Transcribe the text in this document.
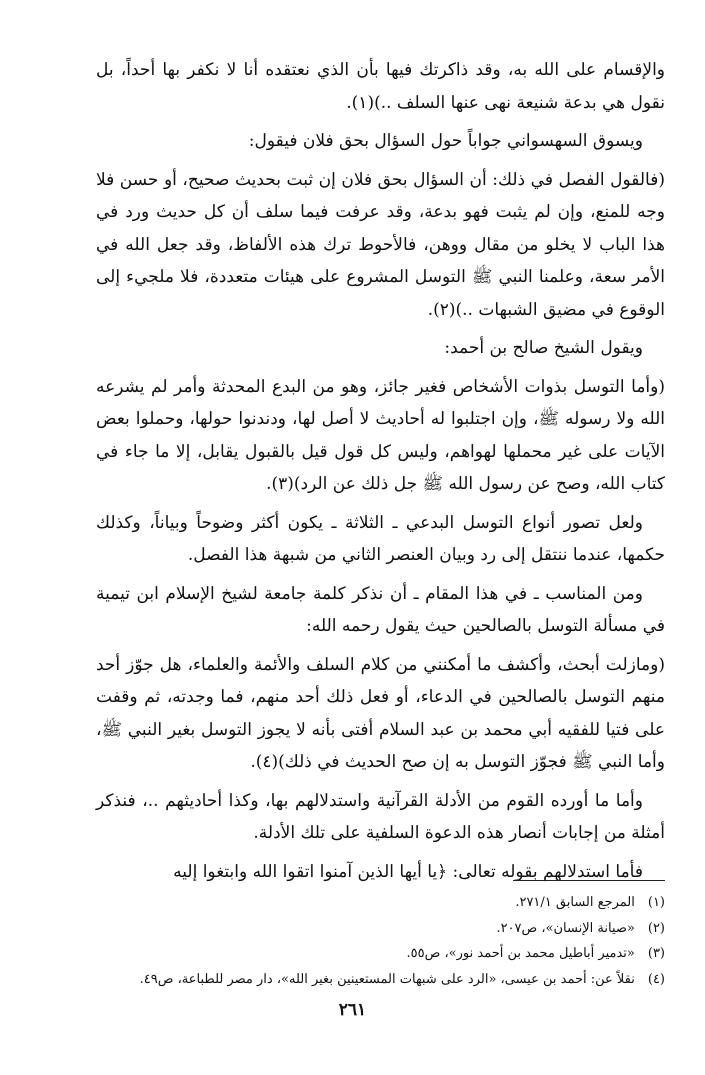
والإقسام على الله به، وقد ذاكرتك فيها بأن الذي نعتقده أنا لا نكفر بها أحداً، بل نقول هي بدعة شنيعة نهى عنها السلف ..)(١).

ويسوق السهسواني جواباً حول السؤال بحق فلان فيقول:

(فالقول الفصل في ذلك: أن السؤال بحق فلان إن ثبت بحديث صحيح، أو حسن فلا وجه للمنع، وإن لم يثبت فهو بدعة، وقد عرفت فيما سلف أن كل حديث ورد في هذا الباب لا يخلو من مقال ووهن، فالأحوط ترك هذه الألفاظ، وقد جعل الله في الأمر سعة، وعلمنا النبي ﷺ التوسل المشروع على هيئات متعددة، فلا ملجيء إلى الوقوع في مضيق الشبهات ..)(٢).

ويقول الشيخ صالح بن أحمد:

(وأما التوسل بذوات الأشخاص فغير جائز، وهو من البدع المحدثة وأمر لم يشرعه الله ولا رسوله ﷺ، وإن اجتلبوا له أحاديث لا أصل لها، ودندنوا حولها، وحملوا بعض الآيات على غير محملها لهواهم، وليس كل قول قيل بالقبول يقابل، إلا ما جاء في كتاب الله، وصح عن رسول الله ﷺ جل ذلك عن الرد)(٣).

ولعل تصور أنواع التوسل البدعي ـ الثلاثة ـ يكون أكثر وضوحاً وبياناً، وكذلك حكمها، عندما ننتقل إلى رد وبيان العنصر الثاني من شبهة هذا الفصل.

ومن المناسب ـ في هذا المقام ـ أن نذكر كلمة جامعة لشيخ الإسلام ابن تيمية في مسألة التوسل بالصالحين حيث يقول رحمه الله:

(ومازلت أبحث، وأكشف ما أمكنني من كلام السلف والأئمة والعلماء، هل جوّز أحد منهم التوسل بالصالحين في الدعاء، أو فعل ذلك أحد منهم، فما وجدته، ثم وقفت على فتيا للفقيه أبي محمد بن عبد السلام أفتى بأنه لا يجوز التوسل بغير النبي ﷺ، وأما النبي ﷺ فجوّز التوسل به إن صح الحديث في ذلك)(٤).

وأما ما أورده القوم من الأدلة القرآنية واستدلالهم بها، وكذا أحاديثهم ..، فنذكر أمثلة من إجابات أنصار هذه الدعوة السلفية على تلك الأدلة.

فأما استدلالهم بقوله تعالى: ﴿يا أيها الذين آمنوا اتقوا الله وابتغوا إليه

(١) المرجع السابق ٢٧١/١.
(٢) «صيانة الإنسان»، ص٢٠٧.
(٣) «تدمير أباطيل محمد بن أحمد نور»، ص٥٥.
(٤) نقلاً عن: أحمد بن عيسى، «الرد على شبهات المستعينين بغير الله»، دار مصر للطباعة، ص٤٩.
٢٦١
